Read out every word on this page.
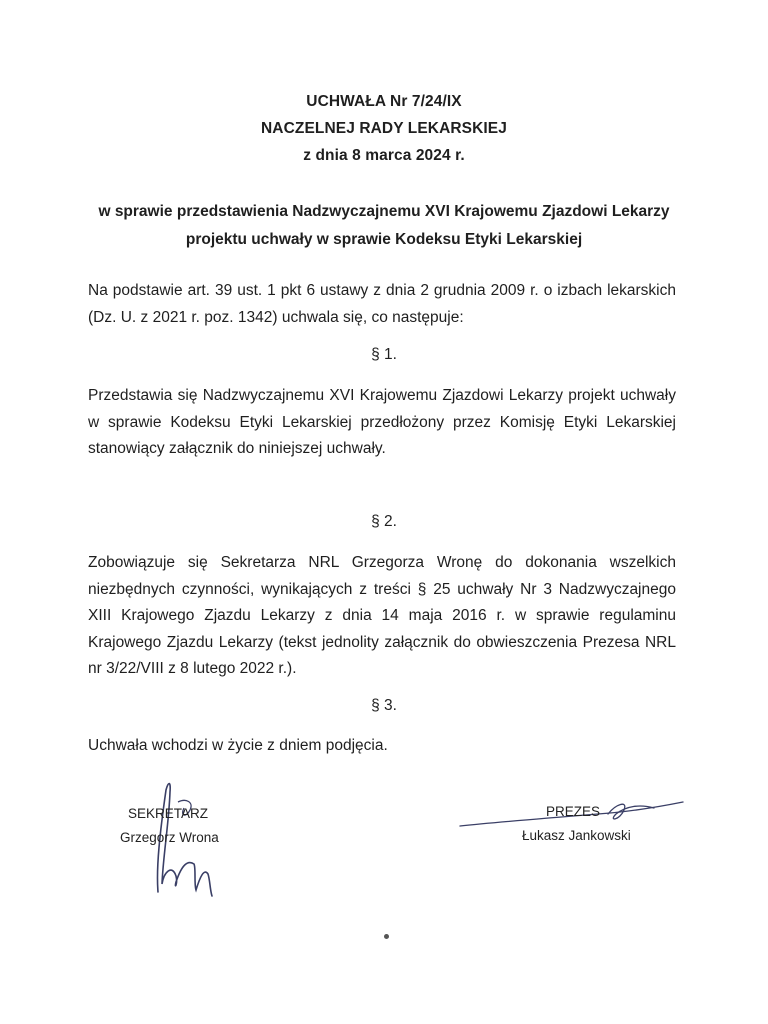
UCHWAŁA Nr 7/24/IX
NACZELNEJ RADY LEKARSKIEJ
z dnia 8 marca 2024 r.
w sprawie przedstawienia Nadzwyczajnemu XVI Krajowemu Zjazdowi Lekarzy
projektu uchwały w sprawie Kodeksu Etyki Lekarskiej
Na podstawie art. 39 ust. 1 pkt 6 ustawy z dnia 2 grudnia 2009 r. o izbach lekarskich (Dz. U. z 2021 r. poz. 1342) uchwala się, co następuje:
§ 1.
Przedstawia się Nadzwyczajnemu XVI Krajowemu Zjazdowi Lekarzy projekt uchwały w sprawie Kodeksu Etyki Lekarskiej przedłożony przez Komisję Etyki Lekarskiej stanowiący załącznik do niniejszej uchwały.
§ 2.
Zobowiązuje się Sekretarza NRL Grzegorza Wronę do dokonania wszelkich niezbędnych czynności, wynikających z treści § 25 uchwały Nr 3 Nadzwyczajnego XIII Krajowego Zjazdu Lekarzy z dnia 14 maja 2016 r. w sprawie regulaminu Krajowego Zjazdu Lekarzy (tekst jednolity załącznik do obwieszczenia Prezesa NRL nr 3/22/VIII z 8 lutego 2022 r.).
§ 3.
Uchwała wchodzi w życie z dniem podjęcia.
SEKRETARZ
Grzegorz Wrona
PREZES
Łukasz Jankowski
